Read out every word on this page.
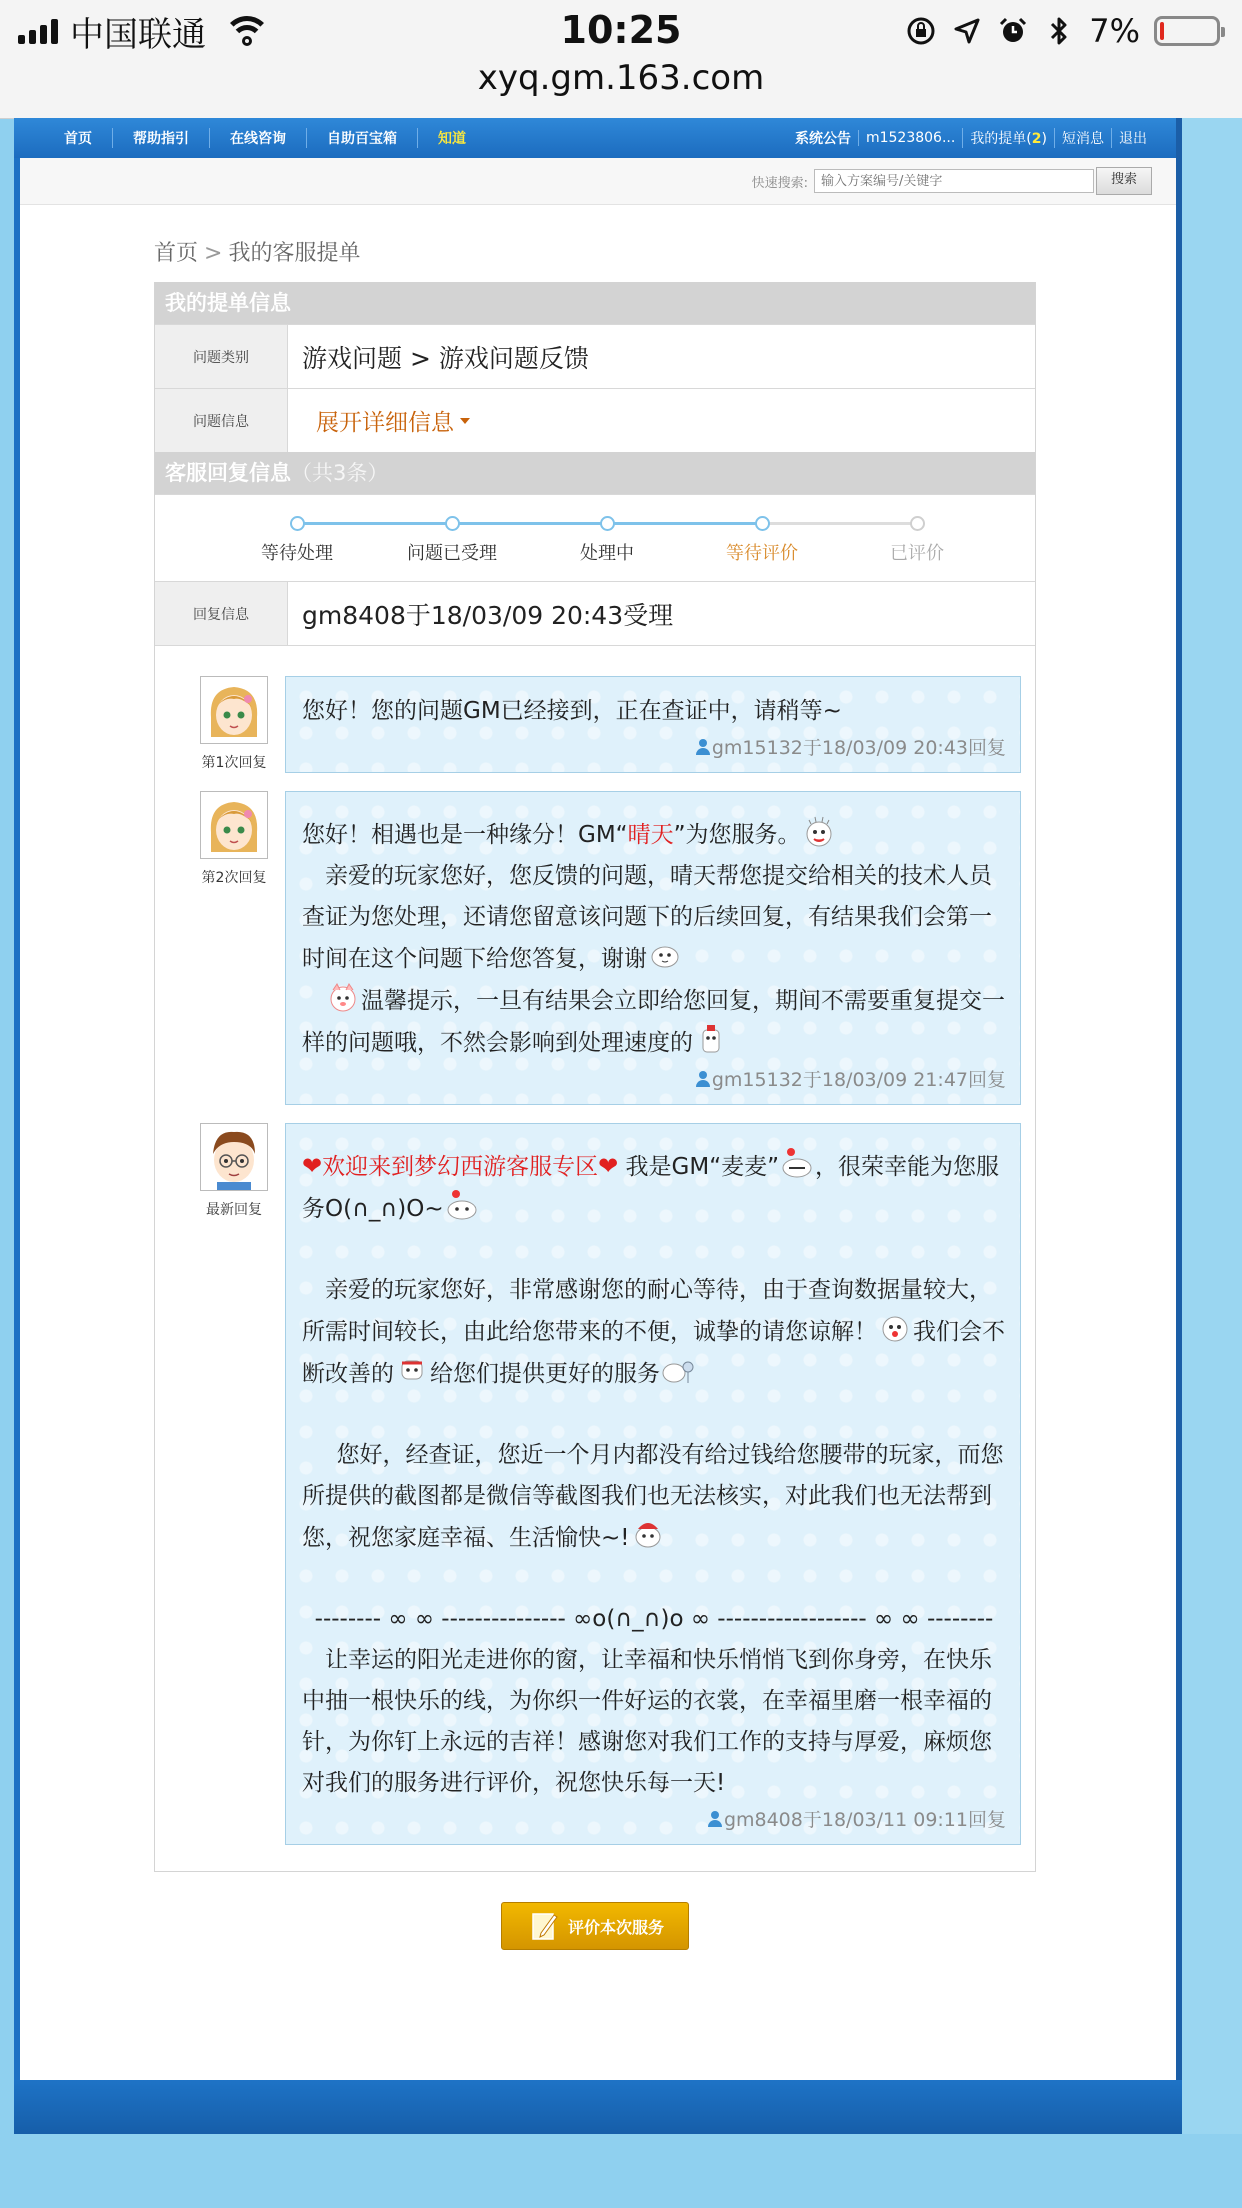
中国联通	10:25	7%
xyq.gm.163.com
首页	帮助指引	在线咨询	自助百宝箱	知道	系统公告	m1523806...	我的提单(2)	短消息	退出
快速搜索:
输入方案编号/关键字	搜索
首页 > 我的客服提单
我的提单信息
问题类别	游戏问题 > 游戏问题反馈
问题信息	展开详细信息
客服回复信息（共3条）
等待处理	问题已受理	处理中	等待评价	已评价
回复信息	gm8408于18/03/09 20:43受理
第1次回复

您好！您的问题GM已经接到，正在查证中，请稍等~

gm15132于18/03/09 20:43回复
第2次回复

您好！相遇也是一种缘分！GM“晴天”为您服务。

亲爱的玩家您好，您反馈的问题，晴天帮您提交给相关的技术人员查证为您处理，还请您留意该问题下的后续回复，有结果我们会第一时间在这个问题下给您答复，谢谢

温馨提示，一旦有结果会立即给您回复，期间不需要重复提交一样的问题哦，不然会影响到处理速度的

gm15132于18/03/09 21:47回复
最新回复

❤欢迎来到梦幻西游客服专区❤ 我是GM“麦麦” ，很荣幸能为您服务O(∩_∩)O~

亲爱的玩家您好，非常感谢您的耐心等待，由于查询数据量较大，所需时间较长，由此给您带来的不便，诚挚的请您谅解！ 我们会不断改善的 给您们提供更好的服务

您好，经查证，您近一个月内都没有给过钱给您腰带的玩家，而您所提供的截图都是微信等截图我们也无法核实，对此我们也无法帮到您，祝您家庭幸福、生活愉快~!

-------- ∞ ∞ --------------- ∞o(∩_∩)o ∞ ------------------ ∞ ∞ --------

让幸运的阳光走进你的窗，让幸福和快乐悄悄飞到你身旁，在快乐中抽一根快乐的线，为你织一件好运的衣裳，在幸福里磨一根幸福的针，为你钉上永远的吉祥！感谢您对我们工作的支持与厚爱，麻烦您对我们的服务进行评价，祝您快乐每一天!

gm8408于18/03/11 09:11回复
评价本次服务
